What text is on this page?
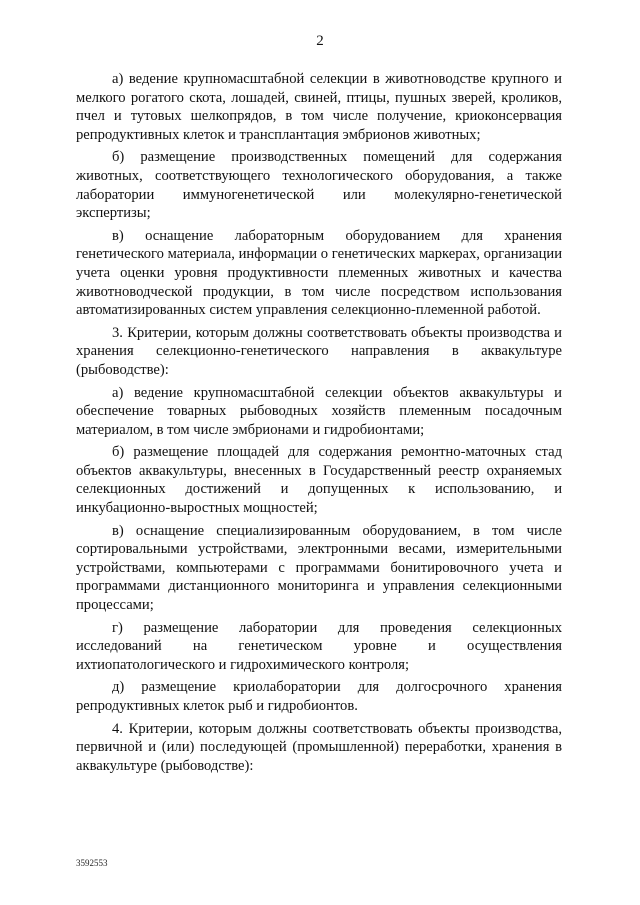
2

а) ведение крупномасштабной селекции в животноводстве крупного и мелкого рогатого скота, лошадей, свиней, птицы, пушных зверей, кроликов, пчел и тутовых шелкопрядов, в том числе получение, криоконсервация репродуктивных клеток и трансплантация эмбрионов животных;

б) размещение производственных помещений для содержания животных, соответствующего технологического оборудования, а также лаборатории иммуногенетической или молекулярно-генетической экспертизы;

в) оснащение лабораторным оборудованием для хранения генетического материала, информации о генетических маркерах, организации учета оценки уровня продуктивности племенных животных и качества животноводческой продукции, в том числе посредством использования автоматизированных систем управления селекционно-племенной работой.

3. Критерии, которым должны соответствовать объекты производства и хранения селекционно-генетического направления в аквакультуре (рыбоводстве):

а) ведение крупномасштабной селекции объектов аквакультуры и обеспечение товарных рыбоводных хозяйств племенным посадочным материалом, в том числе эмбрионами и гидробионтами;

б) размещение площадей для содержания ремонтно-маточных стад объектов аквакультуры, внесенных в Государственный реестр охраняемых селекционных достижений и допущенных к использованию, и инкубационно-выростных мощностей;

в) оснащение специализированным оборудованием, в том числе сортировальными устройствами, электронными весами, измерительными устройствами, компьютерами с программами бонитировочного учета и программами дистанционного мониторинга и управления селекционными процессами;

г) размещение лаборатории для проведения селекционных исследований на генетическом уровне и осуществления ихтиопатологического и гидрохимического контроля;

д) размещение криолаборатории для долгосрочного хранения репродуктивных клеток рыб и гидробионтов.

4. Критерии, которым должны соответствовать объекты производства, первичной и (или) последующей (промышленной) переработки, хранения в аквакультуре (рыбоводстве):

3592553
